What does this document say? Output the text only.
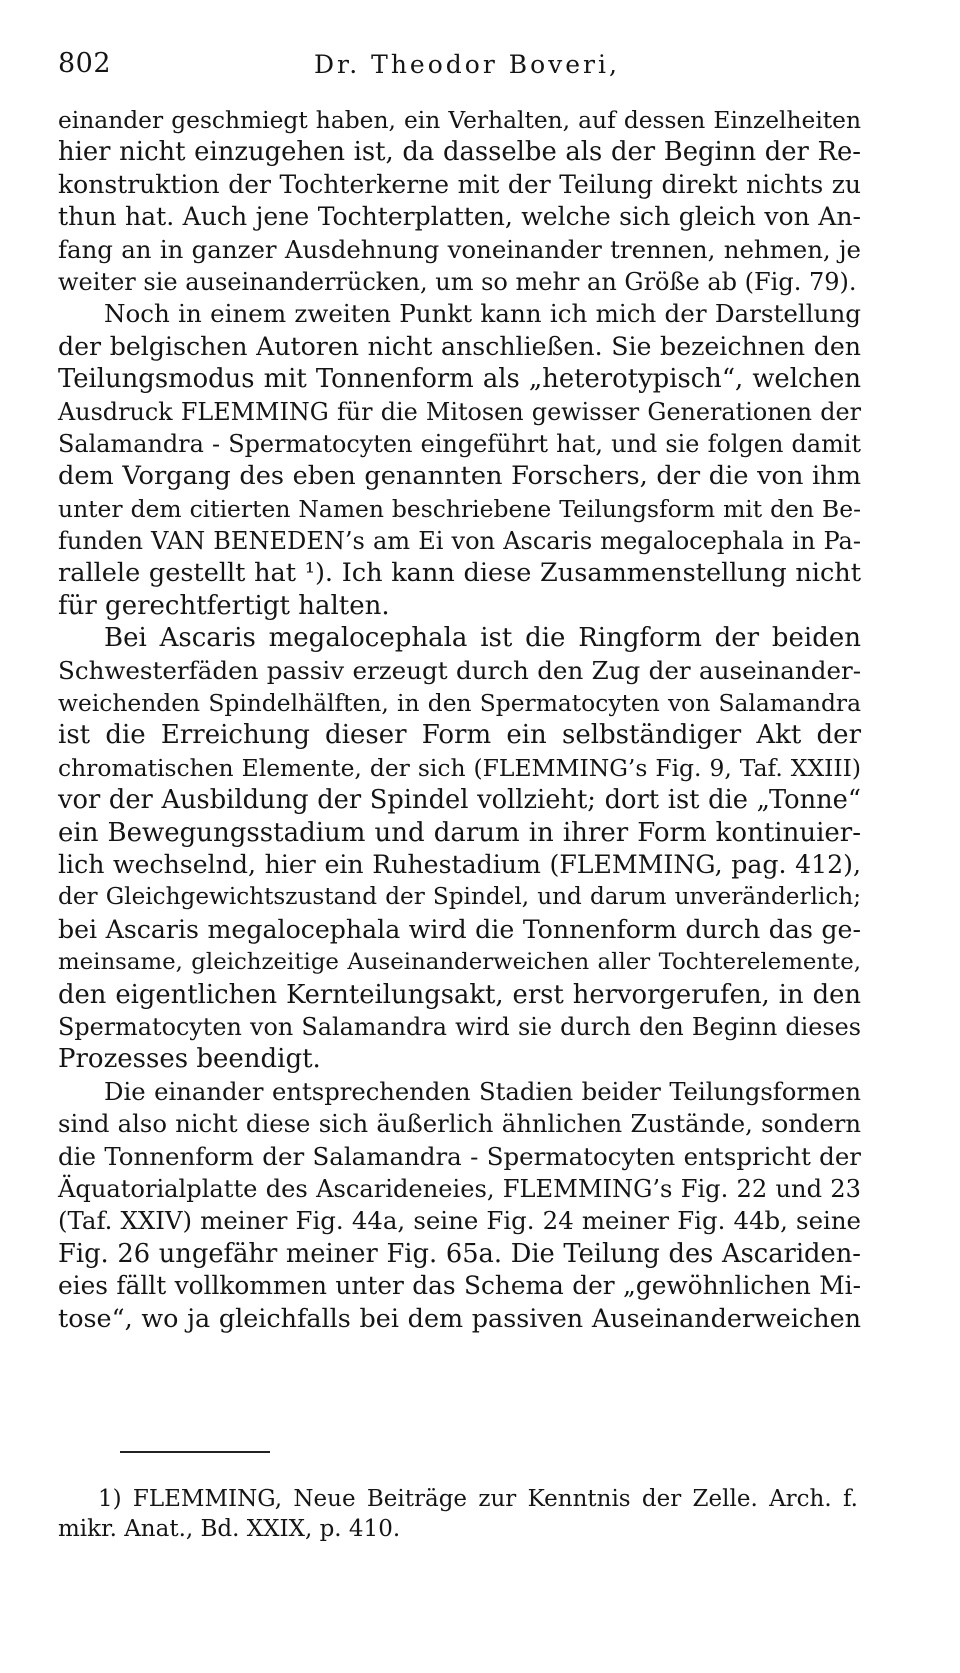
802	Dr. Theodor Boveri,
einander geschmiegt haben, ein Verhalten, auf dessen Einzelheiten
hier nicht einzugehen ist, da dasselbe als der Beginn der Re-
konstruktion der Tochterkerne mit der Teilung direkt nichts zu
thun hat. Auch jene Tochterplatten, welche sich gleich von An-
fang an in ganzer Ausdehnung voneinander trennen, nehmen, je
weiter sie auseinanderrücken, um so mehr an Größe ab (Fig. 79).
Noch in einem zweiten Punkt kann ich mich der Darstellung
der belgischen Autoren nicht anschließen. Sie bezeichnen den
Teilungsmodus mit Tonnenform als „heterotypisch“, welchen
Ausdruck FLEMMING für die Mitosen gewisser Generationen der
Salamandra - Spermatocyten eingeführt hat, und sie folgen damit
dem Vorgang des eben genannten Forschers, der die von ihm
unter dem citierten Namen beschriebene Teilungsform mit den Be-
funden VAN BENEDEN’s am Ei von Ascaris megalocephala in Pa-
rallele gestellt hat ¹). Ich kann diese Zusammenstellung nicht
für gerechtfertigt halten.
Bei Ascaris megalocephala ist die Ringform der beiden
Schwesterfäden passiv erzeugt durch den Zug der auseinander-
weichenden Spindelhälften, in den Spermatocyten von Salamandra
ist die Erreichung dieser Form ein selbständiger Akt der
chromatischen Elemente, der sich (FLEMMING’s Fig. 9, Taf. XXIII)
vor der Ausbildung der Spindel vollzieht; dort ist die „Tonne“
ein Bewegungsstadium und darum in ihrer Form kontinuier-
lich wechselnd, hier ein Ruhestadium (FLEMMING, pag. 412),
der Gleichgewichtszustand der Spindel, und darum unveränderlich;
bei Ascaris megalocephala wird die Tonnenform durch das ge-
meinsame, gleichzeitige Auseinanderweichen aller Tochterelemente,
den eigentlichen Kernteilungsakt, erst hervorgerufen, in den
Spermatocyten von Salamandra wird sie durch den Beginn dieses
Prozesses beendigt.
Die einander entsprechenden Stadien beider Teilungsformen
sind also nicht diese sich äußerlich ähnlichen Zustände, sondern
die Tonnenform der Salamandra - Spermatocyten entspricht der
Äquatorialplatte des Ascarideneies, FLEMMING’s Fig. 22 und 23
(Taf. XXIV) meiner Fig. 44a, seine Fig. 24 meiner Fig. 44b, seine
Fig. 26 ungefähr meiner Fig. 65a. Die Teilung des Ascariden-
eies fällt vollkommen unter das Schema der „gewöhnlichen Mi-
tose“, wo ja gleichfalls bei dem passiven Auseinanderweichen
1) FLEMMING, Neue Beiträge zur Kenntnis der Zelle. Arch. f.
mikr. Anat., Bd. XXIX, p. 410.
